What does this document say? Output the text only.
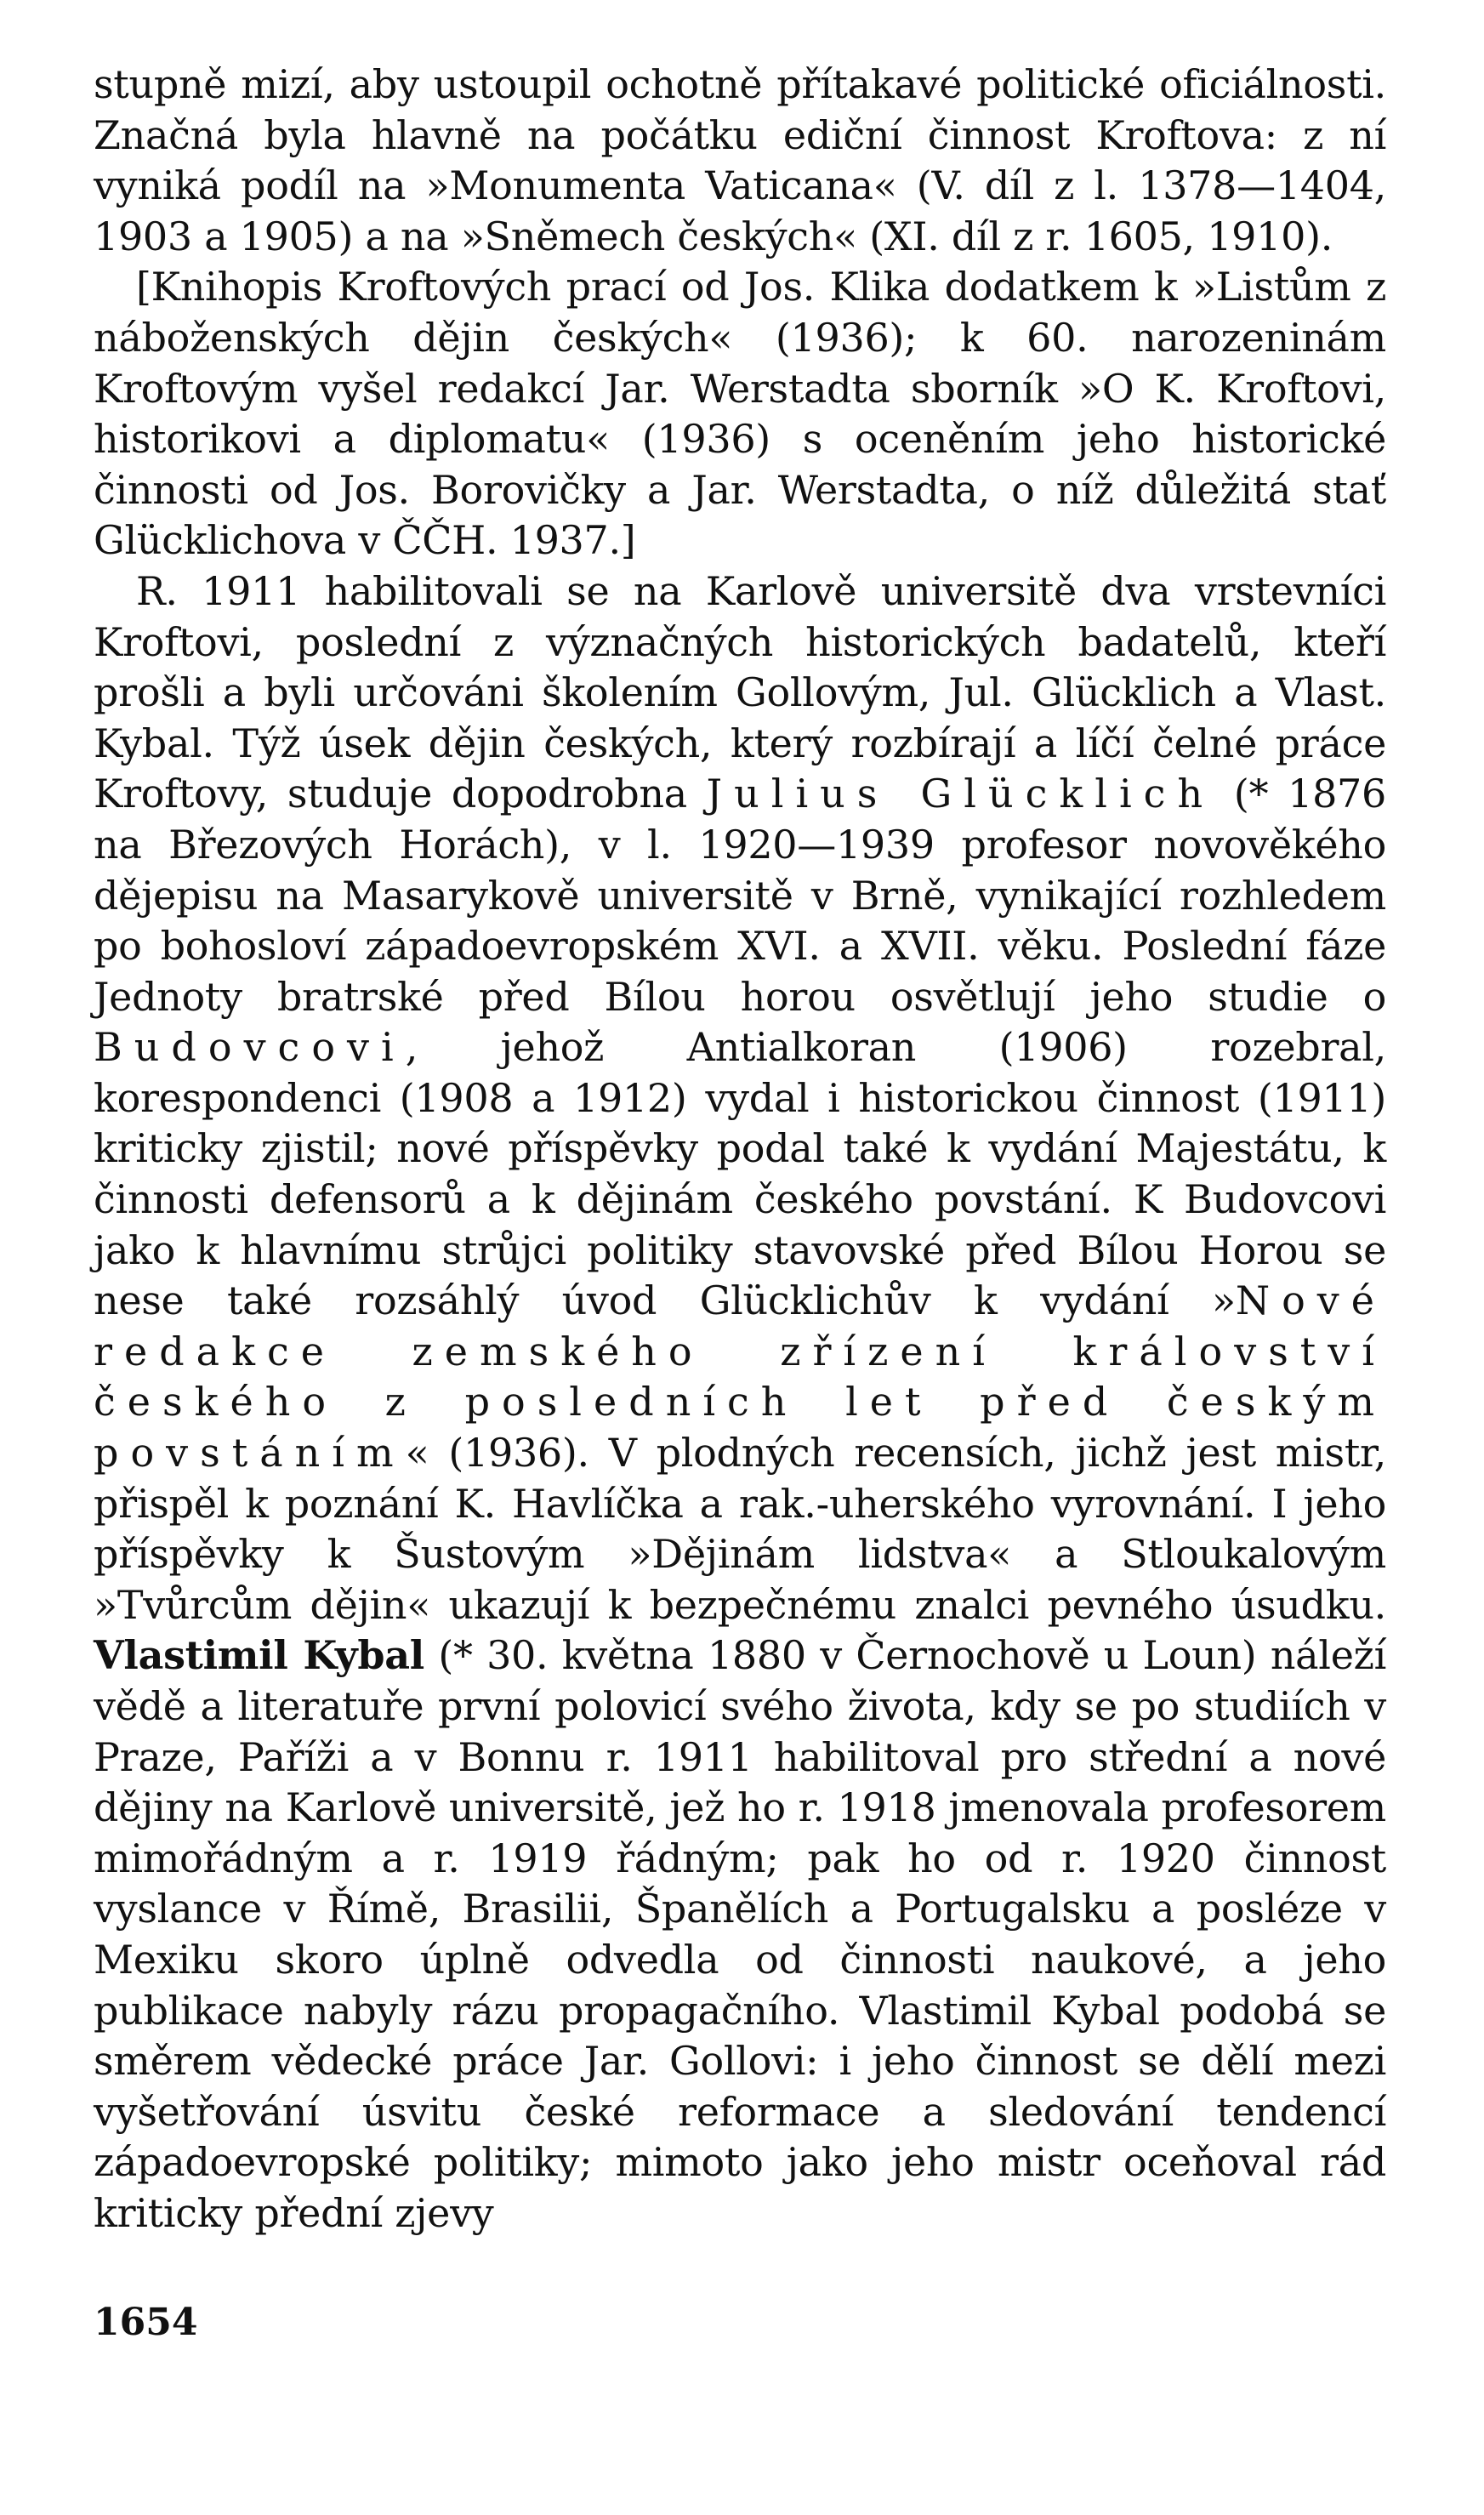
stupně mizí, aby ustoupil ochotně přítakavé politické oficiálnosti. Značná byla hlavně na počátku ediční činnost Kroftova: z ní vyniká podíl na »Monumenta Vaticana« (V. díl z l. 1378—1404, 1903 a 1905) a na »Sněmech českých« (XI. díl z r. 1605, 1910).

[Knihopis Kroftových prací od Jos. Klika dodatkem k »Listům z náboženských dějin českých« (1936); k 60. narozeninám Kroftovým vyšel redakcí Jar. Werstadta sborník »O K. Kroftovi, historikovi a diplomatu« (1936) s oceněním jeho historické činnosti od Jos. Borovičky a Jar. Werstadta, o níž důležitá stať Glücklichova v ČČH. 1937.]

R. 1911 habilitovali se na Karlově universitě dva vrstevníci Kroftovi, poslední z význačných historických badatelů, kteří prošli a byli určováni školením Gollovým, Jul. Glücklich a Vlast. Kybal. Týž úsek dějin českých, který rozbírají a líčí čelné práce Kroftovy, studuje dopodrobna Julius Glücklich (* 1876 na Březových Horách), v l. 1920—1939 profesor novověkého dějepisu na Masarykově universitě v Brně, vynikající rozhledem po bohosloví západoevropském XVI. a XVII. věku. Poslední fáze Jednoty bratrské před Bílou horou osvětlují jeho studie o Budovcovi, jehož Antialkoran (1906) rozebral, korespondenci (1908 a 1912) vydal i historickou činnost (1911) kriticky zjistil; nové příspěvky podal také k vydání Majestátu, k činnosti defensorů a k dějinám českého povstání. K Budovcovi jako k hlavnímu strůjci politiky stavovské před Bílou Horou se nese také rozsáhlý úvod Glücklichův k vydání »Nové redakce zemského zřízení království českého z posledních let před českým povstáním« (1936). V plodných recensích, jichž jest mistr, přispěl k poznání K. Havlíčka a rak.-uherského vyrovnání. I jeho příspěvky k Šustovým »Dějinám lidstva« a Stloukalovým »Tvůrcům dějin« ukazují k bezpečnému znalci pevného úsudku. Vlastimil Kybal (* 30. května 1880 v Černochově u Loun) náleží vědě a literatuře první polovicí svého života, kdy se po studiích v Praze, Paříži a v Bonnu r. 1911 habilitoval pro střední a nové dějiny na Karlově universitě, jež ho r. 1918 jmenovala profesorem mimořádným a r. 1919 řádným; pak ho od r. 1920 činnost vyslance v Římě, Brasilii, Španělích a Portugalsku a posléze v Mexiku skoro úplně odvedla od činnosti naukové, a jeho publikace nabyly rázu propagačního. Vlastimil Kybal podobá se směrem vědecké práce Jar. Gollovi: i jeho činnost se dělí mezi vyšetřování úsvitu české reformace a sledování tendencí západoevropské politiky; mimoto jako jeho mistr oceňoval rád kriticky přední zjevy

1654
